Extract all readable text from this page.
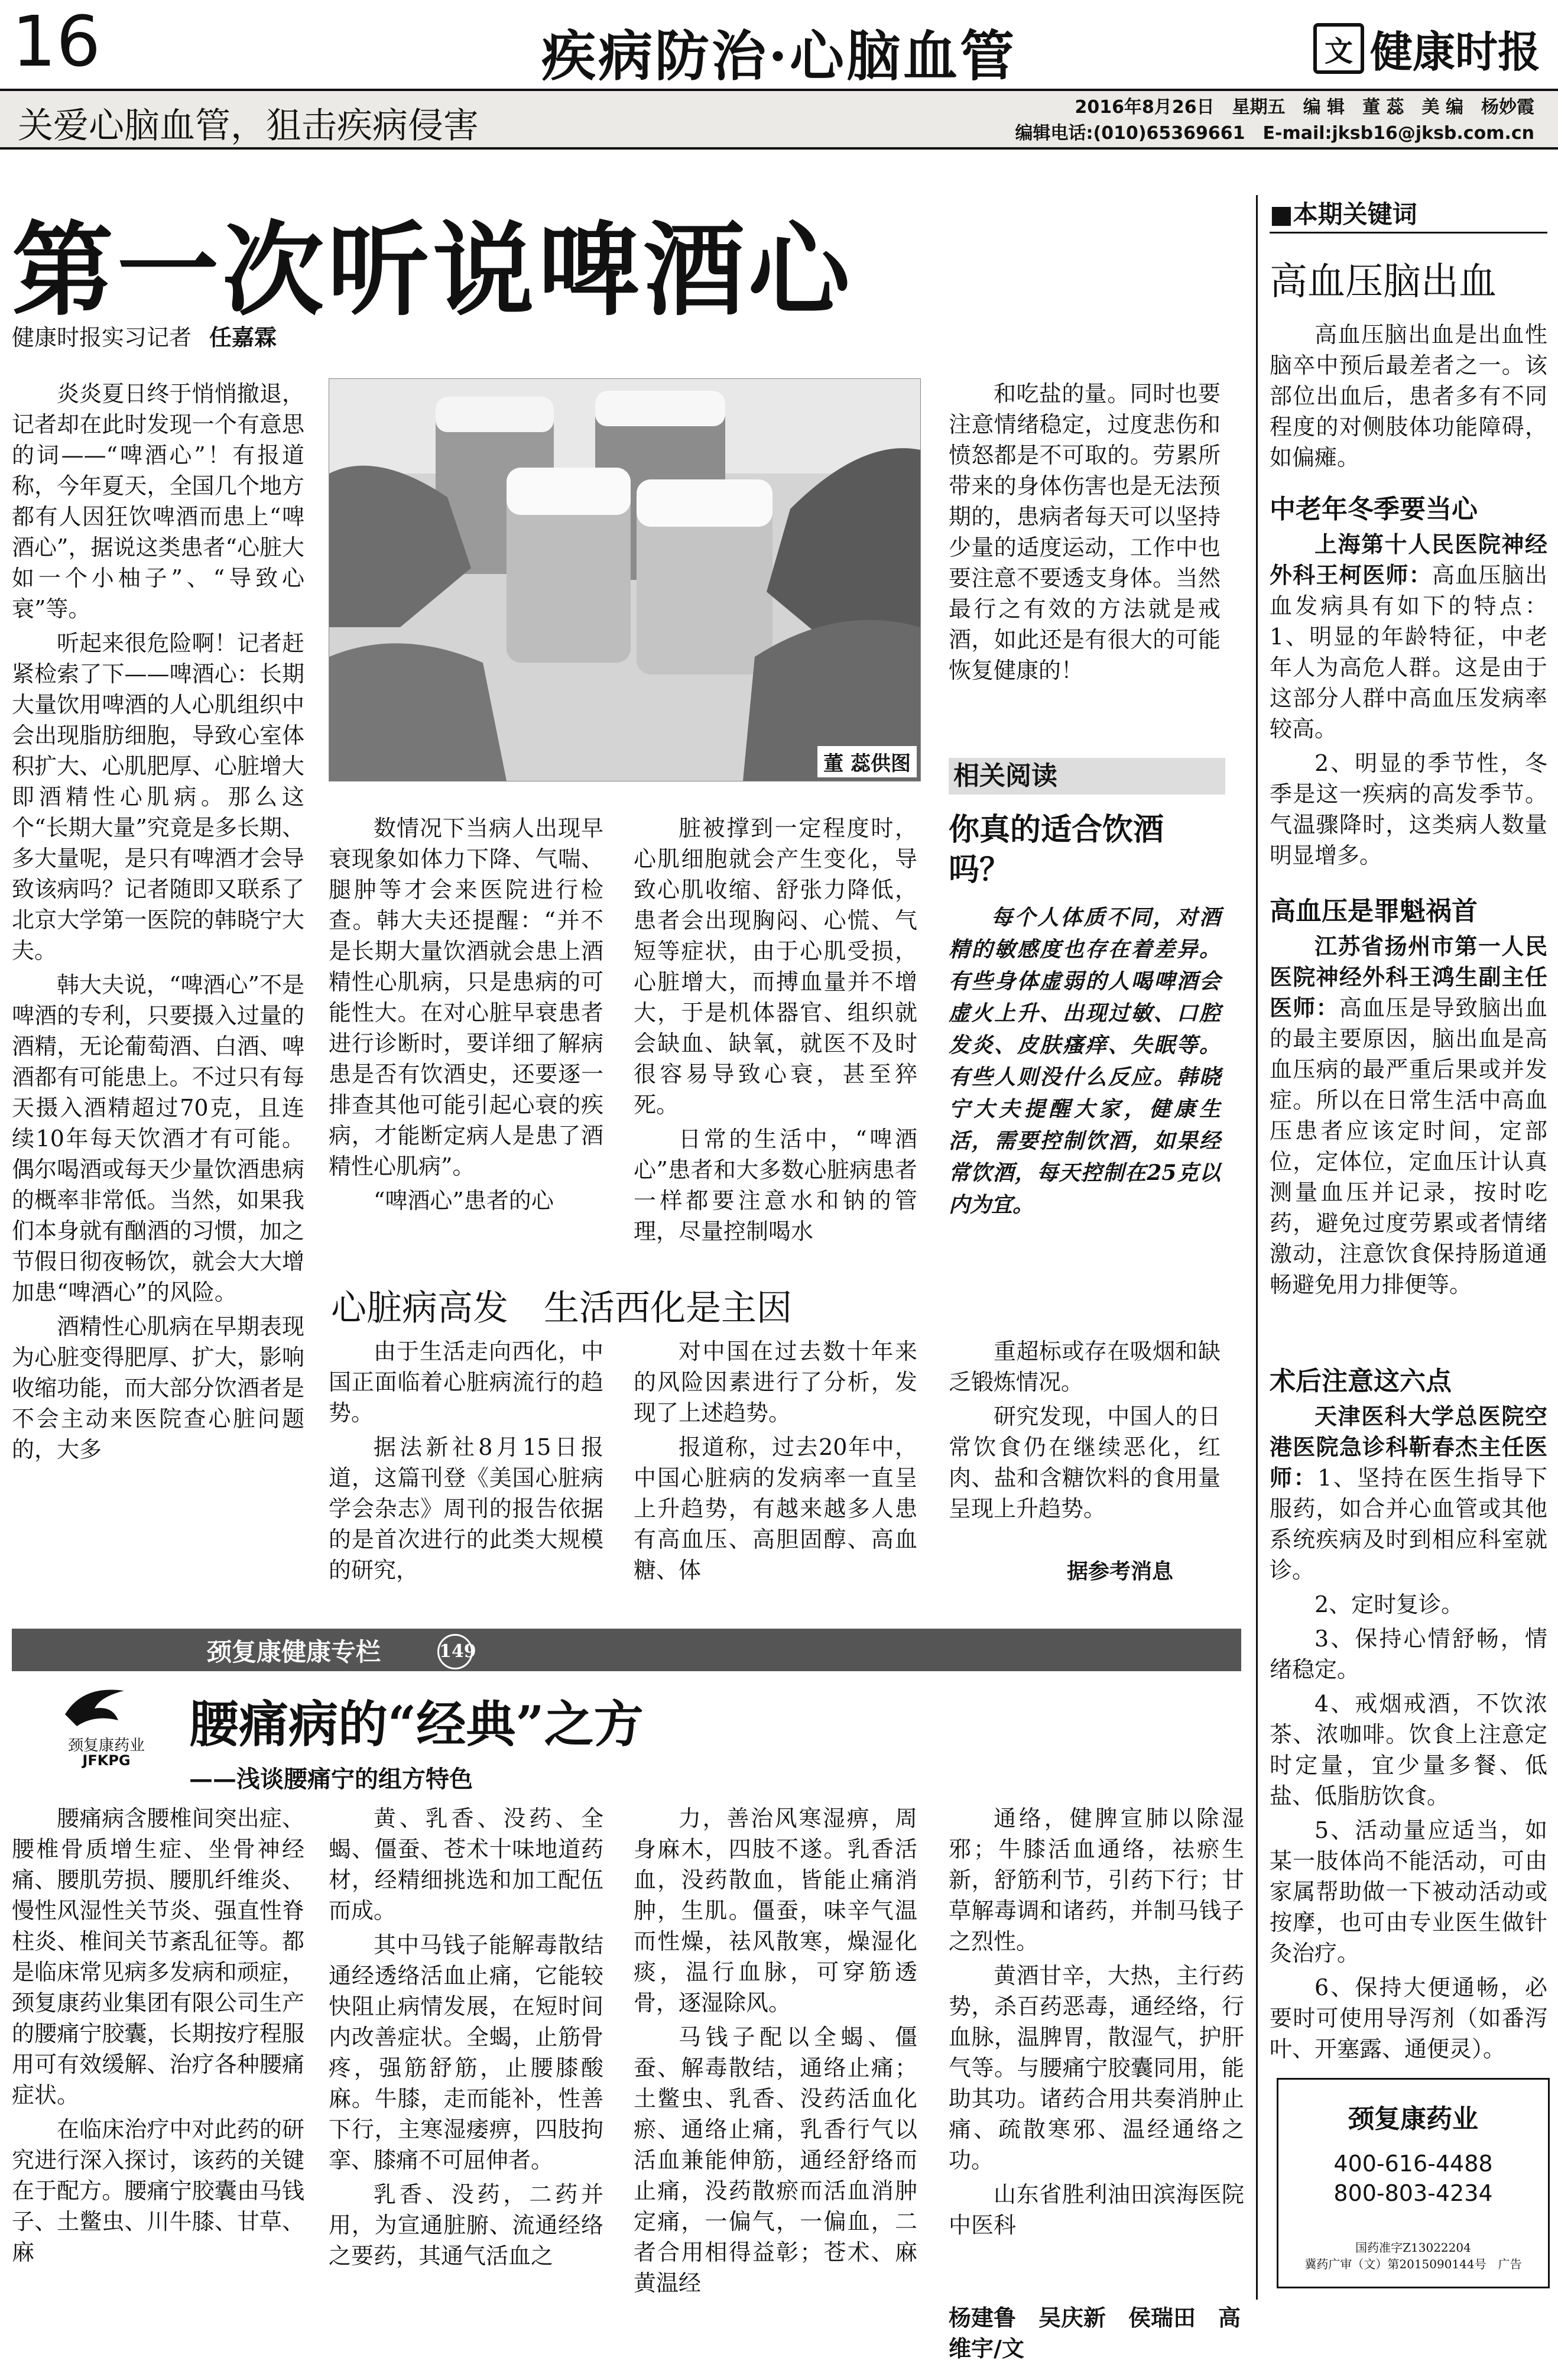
16	疾病防治·心脑血管	文 健康时报
关爱心脑血管，狙击疾病侵害	2016年8月26日　星期五　编 辑　董 蕊　美 编　杨妙霞
编辑电话:(010)65369661　E-mail:jksb16@jksb.com.cn
第一次听说啤酒心
健康时报实习记者 任嘉霖

炎炎夏日终于悄悄撤退，记者却在此时发现一个有意思的词——“啤酒心”！有报道称，今年夏天，全国几个地方都有人因狂饮啤酒而患上“啤酒心”，据说这类患者“心脏大如一个小柚子”、“导致心衰”等。

听起来很危险啊！记者赶紧检索了下——啤酒心：长期大量饮用啤酒的人心肌组织中会出现脂肪细胞，导致心室体积扩大、心肌肥厚、心脏增大即酒精性心肌病。那么这个“长期大量”究竟是多长期、多大量呢，是只有啤酒才会导致该病吗？记者随即又联系了北京大学第一医院的韩晓宁大夫。

韩大夫说，“啤酒心”不是啤酒的专利，只要摄入过量的酒精，无论葡萄酒、白酒、啤酒都有可能患上。不过只有每天摄入酒精超过70克，且连续10年每天饮酒才有可能。偶尔喝酒或每天少量饮酒患病的概率非常低。当然，如果我们本身就有酗酒的习惯，加之节假日彻夜畅饮，就会大大增加患“啤酒心”的风险。

酒精性心肌病在早期表现为心脏变得肥厚、扩大，影响收缩功能，而大部分饮酒者是不会主动来医院查心脏问题的，大多

董 蕊供图

数情况下当病人出现早衰现象如体力下降、气喘、腿肿等才会来医院进行检查。韩大夫还提醒：“并不是长期大量饮酒就会患上酒精性心肌病，只是患病的可能性大。在对心脏早衰患者进行诊断时，要详细了解病患是否有饮酒史，还要逐一排查其他可能引起心衰的疾病，才能断定病人是患了酒精性心肌病”。

“啤酒心”患者的心

脏被撑到一定程度时，心肌细胞就会产生变化，导致心肌收缩、舒张力降低，患者会出现胸闷、心慌、气短等症状，由于心肌受损，心脏增大，而搏血量并不增大，于是机体器官、组织就会缺血、缺氧，就医不及时很容易导致心衰，甚至猝死。

日常的生活中，“啤酒心”患者和大多数心脏病患者一样都要注意水和钠的管理，尽量控制喝水

和吃盐的量。同时也要注意情绪稳定，过度悲伤和愤怒都是不可取的。劳累所带来的身体伤害也是无法预期的，患病者每天可以坚持少量的适度运动，工作中也要注意不要透支身体。当然最行之有效的方法就是戒酒，如此还是有很大的可能恢复健康的！

相关阅读
你真的适合饮酒吗？
每个人体质不同，对酒精的敏感度也存在着差异。有些身体虚弱的人喝啤酒会虚火上升、出现过敏、口腔发炎、皮肤瘙痒、失眠等。有些人则没什么反应。韩晓宁大夫提醒大家，健康生活，需要控制饮酒，如果经常饮酒，每天控制在25克以内为宜。
心脏病高发　生活西化是主因

由于生活走向西化，中国正面临着心脏病流行的趋势。

据法新社8月15日报道，这篇刊登《美国心脏病学会杂志》周刊的报告依据的是首次进行的此类大规模的研究，

对中国在过去数十年来的风险因素进行了分析，发现了上述趋势。

报道称，过去20年中，中国心脏病的发病率一直呈上升趋势，有越来越多人患有高血压、高胆固醇、高血糖、体

重超标或存在吸烟和缺乏锻炼情况。

研究发现，中国人的日常饮食仍在继续恶化，红肉、盐和含糖饮料的食用量呈现上升趋势。

据参考消息
■本期关键词
高血压脑出血
高血压脑出血是出血性脑卒中预后最差者之一。该部位出血后，患者多有不同程度的对侧肢体功能障碍，如偏瘫。
中老年冬季要当心

上海第十人民医院神经外科王柯医师：高血压脑出血发病具有如下的特点：1、明显的年龄特征，中老年人为高危人群。这是由于这部分人群中高血压发病率较高。

2、明显的季节性，冬季是这一疾病的高发季节。气温骤降时，这类病人数量明显增多。

高血压是罪魁祸首

江苏省扬州市第一人民医院神经外科王鸿生副主任医师：高血压是导致脑出血的最主要原因，脑出血是高血压病的最严重后果或并发症。所以在日常生活中高血压患者应该定时间，定部位，定体位，定血压计认真测量血压并记录，按时吃药，避免过度劳累或者情绪激动，注意饮食保持肠道通畅避免用力排便等。

术后注意这六点

天津医科大学总医院空港医院急诊科靳春杰主任医师：1、坚持在医生指导下服药，如合并心血管或其他系统疾病及时到相应科室就诊。

2、定时复诊。

3、保持心情舒畅，情绪稳定。

4、戒烟戒酒，不饮浓茶、浓咖啡。饮食上注意定时定量，宜少量多餐、低盐、低脂肪饮食。

5、活动量应适当，如某一肢体尚不能活动，可由家属帮助做一下被动活动或按摩，也可由专业医生做针灸治疗。

6、保持大便通畅，必要时可使用导泻剂（如番泻叶、开塞露、通便灵）。

颈复康药业
400-616-4488
800-803-4234
国药准字Z13022204
冀药广审（文）第2015090144号　广告
颈复康健康专栏	149
颈复康药业
JFKPG
腰痛病的“经典”之方
——浅谈腰痛宁的组方特色

腰痛病含腰椎间突出症、腰椎骨质增生症、坐骨神经痛、腰肌劳损、腰肌纤维炎、慢性风湿性关节炎、强直性脊柱炎、椎间关节紊乱征等。都是临床常见病多发病和顽症，颈复康药业集团有限公司生产的腰痛宁胶囊，长期按疗程服用可有效缓解、治疗各种腰痛症状。

在临床治疗中对此药的研究进行深入探讨，该药的关键在于配方。腰痛宁胶囊由马钱子、土鳖虫、川牛膝、甘草、麻

黄、乳香、没药、全蝎、僵蚕、苍术十味地道药材，经精细挑选和加工配伍而成。

其中马钱子能解毒散结通经透络活血止痛，它能较快阻止病情发展，在短时间内改善症状。全蝎，止筋骨疼，强筋舒筋，止腰膝酸麻。牛膝，走而能补，性善下行，主寒湿痿痹，四肢拘挛、膝痛不可屈伸者。

乳香、没药，二药并用，为宣通脏腑、流通经络之要药，其通气活血之

力，善治风寒湿痹，周身麻木，四肢不遂。乳香活血，没药散血，皆能止痛消肿，生肌。僵蚕，味辛气温而性燥，祛风散寒，燥湿化痰，温行血脉，可穿筋透骨，逐湿除风。

马钱子配以全蝎、僵蚕、解毒散结，通络止痛；土鳖虫、乳香、没药活血化瘀、通络止痛，乳香行气以活血兼能伸筋，通经舒络而止痛，没药散瘀而活血消肿定痛，一偏气，一偏血，二者合用相得益彰；苍术、麻黄温经

通络，健脾宣肺以除湿邪；牛膝活血通络，祛瘀生新，舒筋利节，引药下行；甘草解毒调和诸药，并制马钱子之烈性。

黄酒甘辛，大热，主行药势，杀百药恶毒，通经络，行血脉，温脾胃，散湿气，护肝气等。与腰痛宁胶囊同用，能助其功。诸药合用共奏消肿止痛、疏散寒邪、温经通络之功。

山东省胜利油田滨海医院中医科

杨建鲁　吴庆新　侯瑞田　高维宇/文
